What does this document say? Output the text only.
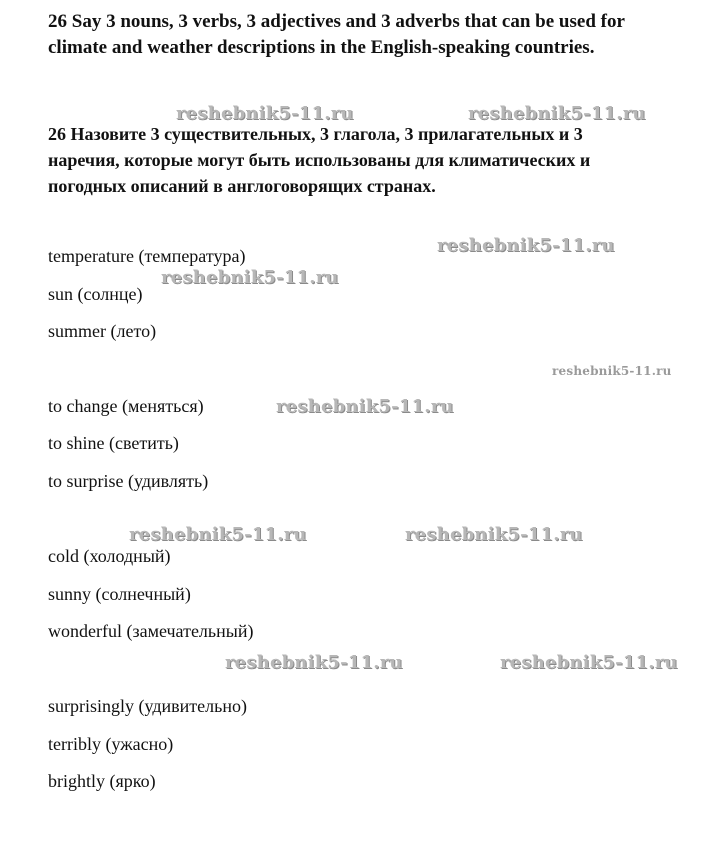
26 Say 3 nouns, 3 verbs, 3 adjectives and 3 adverbs that can be used for
climate and weather descriptions in the English-speaking countries.
26 Назовите 3 существительных, 3 глагола, 3 прилагательных и 3
наречия, которые могут быть использованы для климатических и
погодных описаний в англоговорящих странах.
temperature (температура)
sun (солнце)
summer (лето)
to change (меняться)
to shine (светить)
to surprise (удивлять)
cold (холодный)
sunny (солнечный)
wonderful (замечательный)
surprisingly (удивительно)
terribly (ужасно)
brightly (ярко)
reshebnik5-11.ru	reshebnik5-11.ru
reshebnik5-11.ru
reshebnik5-11.ru
reshebnik5-11.ru
reshebnik5-11.ru
reshebnik5-11.ru	reshebnik5-11.ru
reshebnik5-11.ru	reshebnik5-11.ru
